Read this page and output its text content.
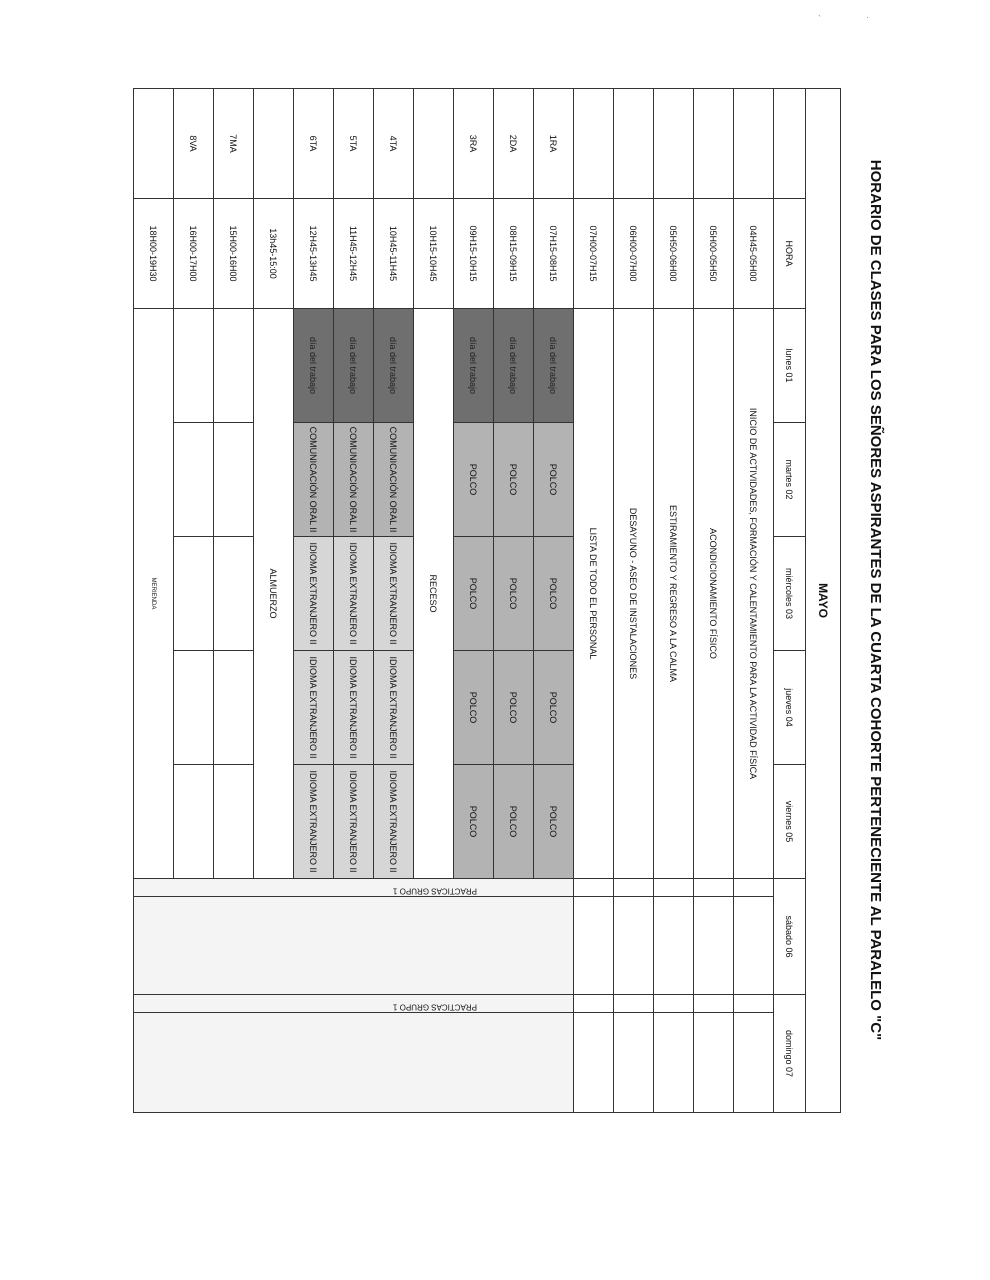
`	·
HORARIO DE CLASES PARA LOS SEÑORES ASPIRANTES DE LA CUARTA COHORTE PERTENECIENTE AL PARALELO "C"
MAYO										
	HORA	lunes 01	martes 02	miércoles 03	jueves 04	viernes 05	sábado 06		domingo 07	
	04H45-05H00	INICIO DE ACTIVIDADES, FORMACIÓN Y CALENTAMIENTO PARA LA ACTIVIDAD FÍSICA								
	05H00-05H50	ACONDICIONAMIENTO FÍSICO								
	05H50-06H00	ESTIRAMIENTO Y REGRESO A LA CALMA								
	06H00-07H00	DESAYUNO - ASEO DE INSTALACIONES								
	07H00-07H15	LISTA DE TODO EL PERSONAL								
1RA	07H15-08H15	día del trabajo	POLCO	POLCO	POLCO	POLCO				
2DA	08H15-09H15	día del trabajo	POLCO	POLCO	POLCO	POLCO				
3RA	09H15-10H15	día del trabajo	POLCO	POLCO	POLCO	POLCO				
	10H15-10H45	RECESO								
4TA	10H45-11H45	día del trabajo	COMUNICACIÓN ORAL II	IDIOMA EXTRANJERO II	IDIOMA EXTRANJERO II	IDIOMA EXTRANJERO II				
5TA	11H45-12H45	día del trabajo	COMUNICACIÓN ORAL II	IDIOMA EXTRANJERO II	IDIOMA EXTRANJERO II	IDIOMA EXTRANJERO II				
6TA	12H45-13H45	día del trabajo	COMUNICACIÓN ORAL II	IDIOMA EXTRANJERO II	IDIOMA EXTRANJERO II	IDIOMA EXTRANJERO II				
	13h45-15:00	ALMUERZO								
7MA	15H00-16H00									
8VA	16H00-17H00									
	18H00-19H30	MERIENDA								
PRACTICAS GRUPO 1
PRACTICAS GRUPO 1
